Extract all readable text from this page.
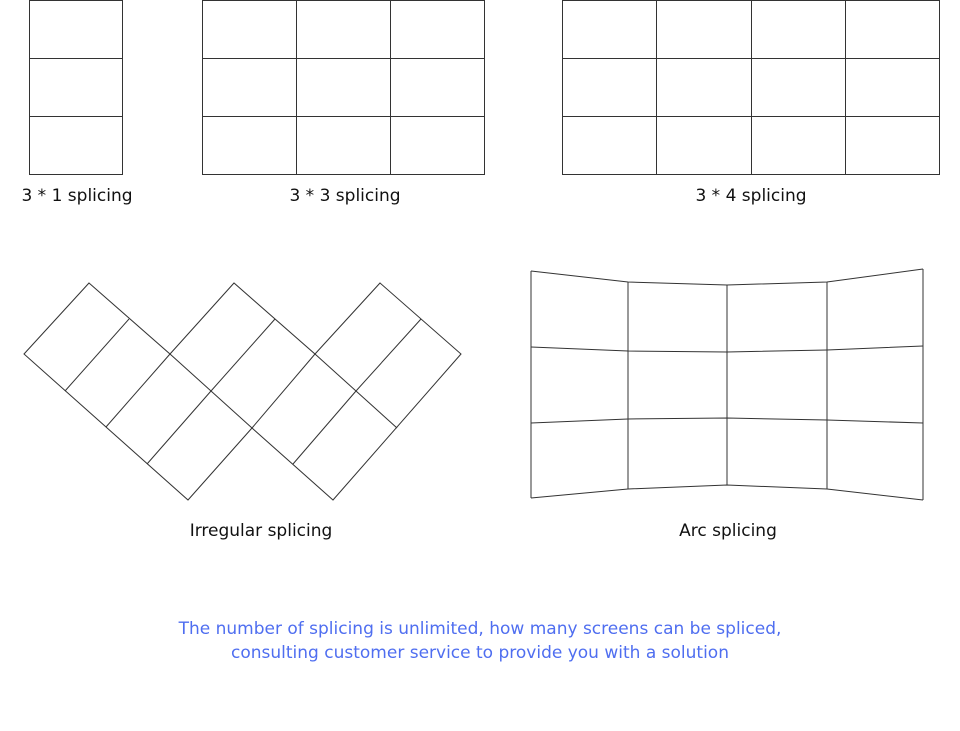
3 * 1 splicing	3 * 3 splicing	3 * 4 splicing
Irregular splicing	Arc splicing
The number of splicing is unlimited, how many screens can be spliced,
consulting customer service to provide you with a solution
